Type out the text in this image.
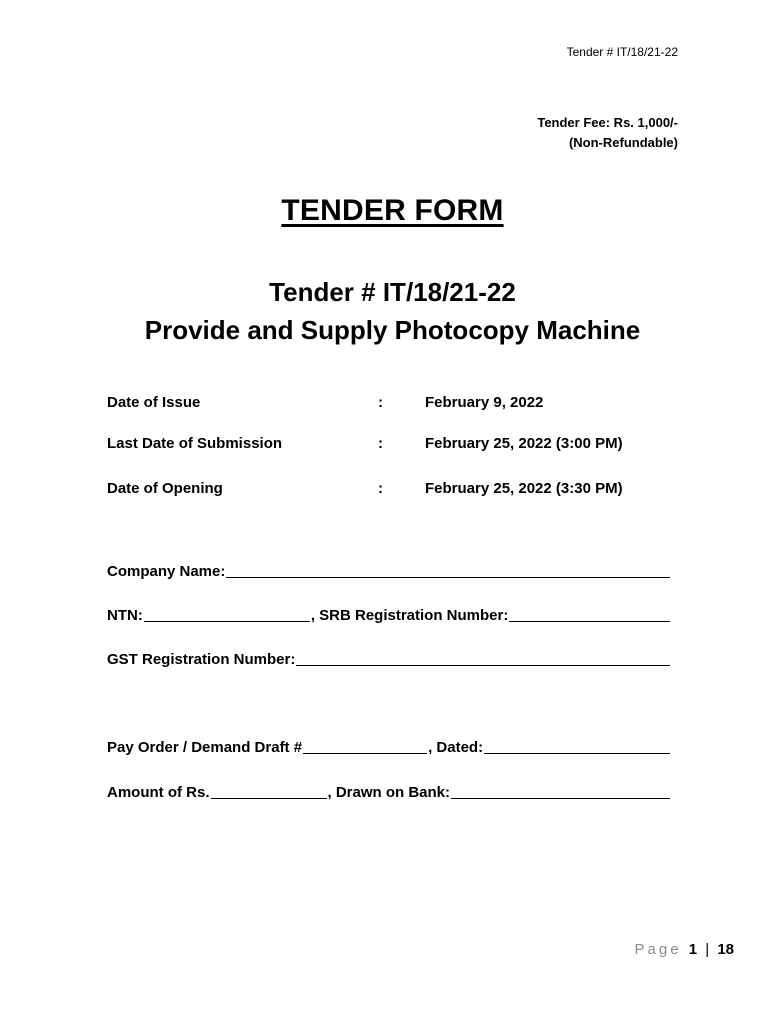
Tender # IT/18/21-22
Tender Fee: Rs. 1,000/-
(Non-Refundable)
TENDER FORM
Tender # IT/18/21-22
Provide and Supply Photocopy Machine
Date of Issue	:	February 9, 2022
Last Date of Submission	:	February 25, 2022 (3:00 PM)
Date of Opening	:	February 25, 2022 (3:30 PM)
Company Name:
NTN:	, SRB Registration Number:
GST Registration Number:
Pay Order / Demand Draft #	, Dated:
Amount of Rs.	, Drawn on Bank:
Page 1 | 18
